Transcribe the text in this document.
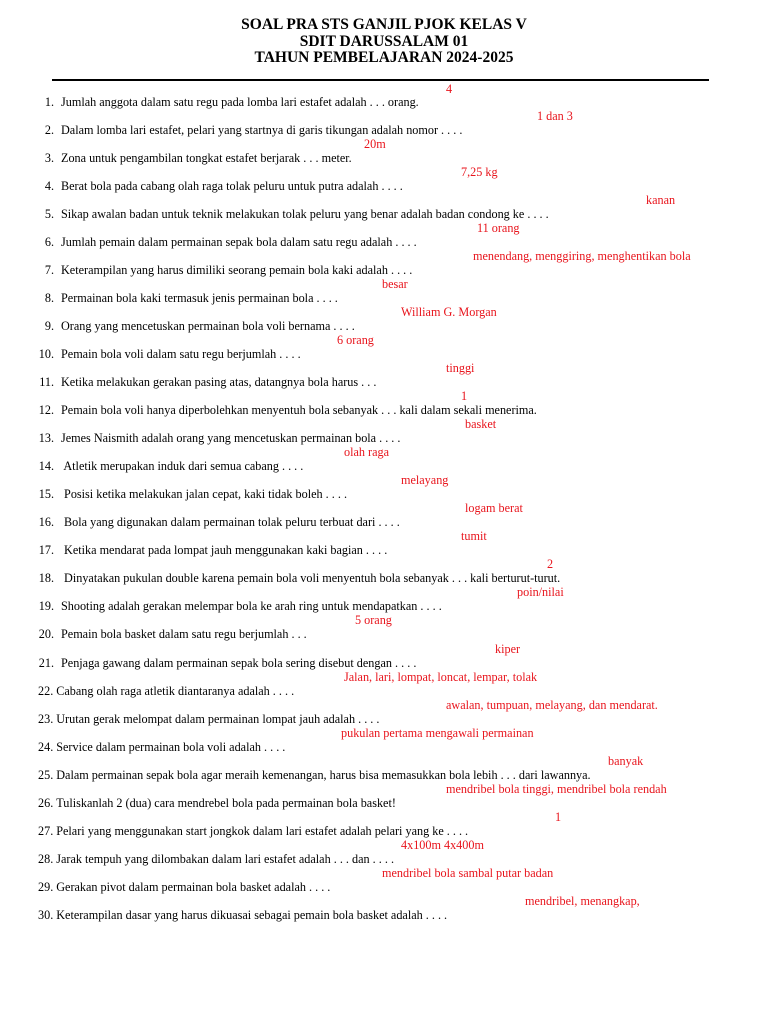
SOAL PRA STS GANJIL PJOK KELAS V
SDIT DARUSSALAM 01
TAHUN PEMBELAJARAN 2024-2025
4
1. Jumlah anggota dalam satu regu pada lomba lari estafet adalah . . . orang.
1 dan 3
2. Dalam lomba lari estafet, pelari yang startnya di garis tikungan adalah nomor . . . .
20m
3. Zona untuk pengambilan tongkat estafet berjarak . . . meter.
7,25 kg
4. Berat bola pada cabang olah raga tolak peluru untuk putra adalah . . . .
kanan
5. Sikap awalan badan untuk teknik melakukan tolak peluru yang benar adalah badan condong ke . . . .
11 orang
6. Jumlah pemain dalam permainan sepak bola dalam satu regu adalah . . . .
menendang, menggiring, menghentikan bola
7. Keterampilan yang harus dimiliki seorang pemain bola kaki adalah . . . .
besar
8. Permainan bola kaki termasuk jenis permainan bola . . . .
William G. Morgan
9. Orang yang mencetuskan permainan bola voli bernama . . . .
6 orang
10. Pemain bola voli dalam satu regu berjumlah . . . .
tinggi
11. Ketika melakukan gerakan pasing atas, datangnya bola harus . . .
1
12. Pemain bola voli hanya diperbolehkan menyentuh bola sebanyak . . . kali dalam sekali menerima.
basket
13. Jemes Naismith adalah orang yang mencetuskan permainan bola . . . .
olah raga
14. Atletik merupakan induk dari semua cabang . . . .
melayang
15. Posisi ketika melakukan jalan cepat, kaki tidak boleh . . . .
logam berat
16. Bola yang digunakan dalam permainan tolak peluru terbuat dari . . . .
tumit
17. Ketika mendarat pada lompat jauh menggunakan kaki bagian . . . .
2
18. Dinyatakan pukulan double karena pemain bola voli menyentuh bola sebanyak . . . kali berturut-turut.
poin/nilai
19. Shooting adalah gerakan melempar bola ke arah ring untuk mendapatkan . . . .
5 orang
20. Pemain bola basket dalam satu regu berjumlah . . .
kiper
21. Penjaga gawang dalam permainan sepak bola sering disebut dengan . . . .
Jalan, lari, lompat, loncat, lempar, tolak
22. Cabang olah raga atletik diantaranya adalah . . . .
awalan, tumpuan, melayang, dan mendarat.
23. Urutan gerak melompat dalam permainan lompat jauh adalah . . . .
pukulan pertama mengawali permainan
24. Service dalam permainan bola voli adalah . . . .
banyak
25. Dalam permainan sepak bola agar meraih kemenangan, harus bisa memasukkan bola lebih . . . dari lawannya.
mendribel bola tinggi, mendribel bola rendah
26. Tuliskanlah 2 (dua) cara mendrebel bola pada permainan bola basket!
1
27. Pelari yang menggunakan start jongkok dalam lari estafet adalah pelari yang ke . . . .
4x100m 4x400m
28. Jarak tempuh yang dilombakan dalam lari estafet adalah . . . dan . . . .
mendribel bola sambal putar badan
29. Gerakan pivot dalam permainan bola basket adalah . . . .
mendribel, menangkap,
30. Keterampilan dasar yang harus dikuasai sebagai pemain bola basket adalah . . . .
